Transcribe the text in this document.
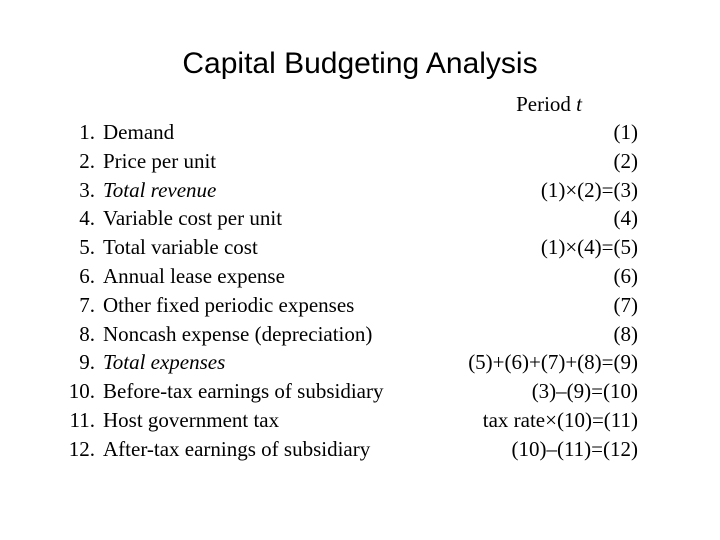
Capital Budgeting Analysis
Period t
1. Demand	(1)
2. Price per unit	(2)
3. Total revenue	(1)×(2)=(3)
4. Variable cost per unit	(4)
5. Total variable cost	(1)×(4)=(5)
6. Annual lease expense	(6)
7. Other fixed periodic expenses	(7)
8. Noncash expense (depreciation)	(8)
9. Total expenses	(5)+(6)+(7)+(8)=(9)
10. Before-tax earnings of subsidiary	(3)–(9)=(10)
11. Host government tax	tax rate×(10)=(11)
12. After-tax earnings of subsidiary	(10)–(11)=(12)
